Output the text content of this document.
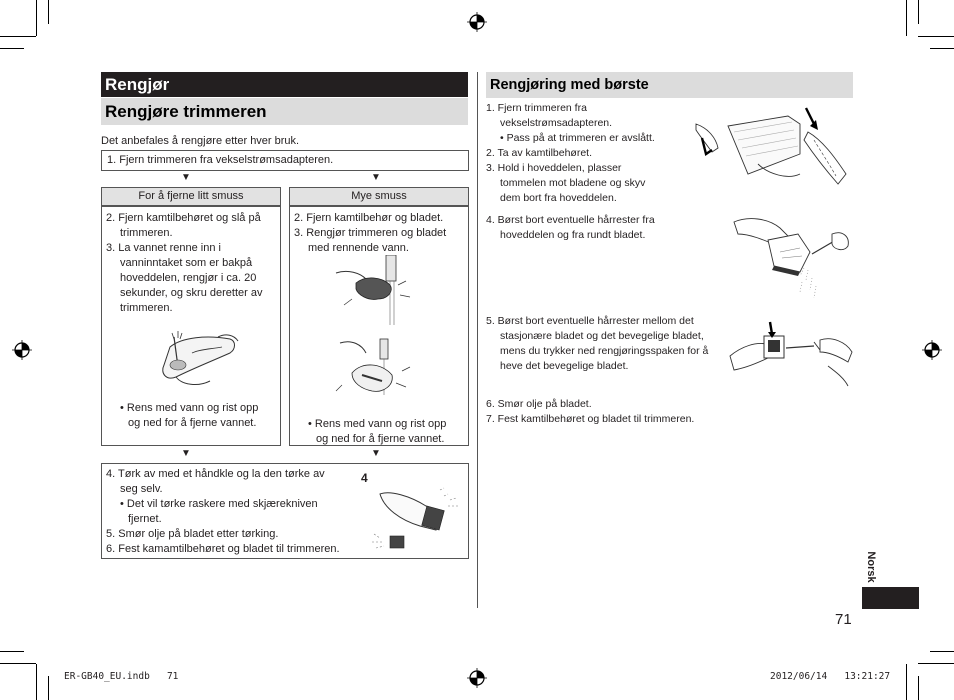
Rengjør
Rengjøre trimmeren
Det anbefales å rengjøre etter hver bruk.
1. Fjern trimmeren fra vekselstrømsadapteren.
▼	▼
For å fjerne litt smuss
2. Fjern kamtilbehøret og slå på
trimmeren.
3. La vannet renne inn i
vanninntaket som er bakpå
hoveddelen, rengjør i ca. 20
sekunder, og skru deretter av
trimmeren.
• Rens med vann og rist opp
og ned for å fjerne vannet.
Mye smuss
2. Fjern kamtilbehør og bladet.
3. Rengjør trimmeren og bladet
med rennende vann.
• Rens med vann og rist opp
og ned for å fjerne vannet.
▼	▼
4. Tørk av med et håndkle og la den tørke av
seg selv.
• Det vil tørke raskere med skjærekniven
fjernet.
5. Smør olje på bladet etter tørking.
6. Fest kamamtilbehøret og bladet til trimmeren.
4
Rengjøring med børste
1. Fjern trimmeren fra
vekselstrømsadapteren.
• Pass på at trimmeren er avslått.
2. Ta av kamtilbehøret.
3. Hold i hoveddelen, plasser
tommelen mot bladene og skyv
dem bort fra hoveddelen.
4. Børst bort eventuelle hårrester fra
hoveddelen og fra rundt bladet.
5. Børst bort eventuelle hårrester mellom det
stasjonære bladet og det bevegelige bladet,
mens du trykker ned rengjøringsspaken for å
heve det bevegelige bladet.
6. Smør olje på bladet.
7. Fest kamtilbehøret og bladet til trimmeren.
Norsk
71
ER-GB40_EU.indb   71	2012/06/14   13:21:27
